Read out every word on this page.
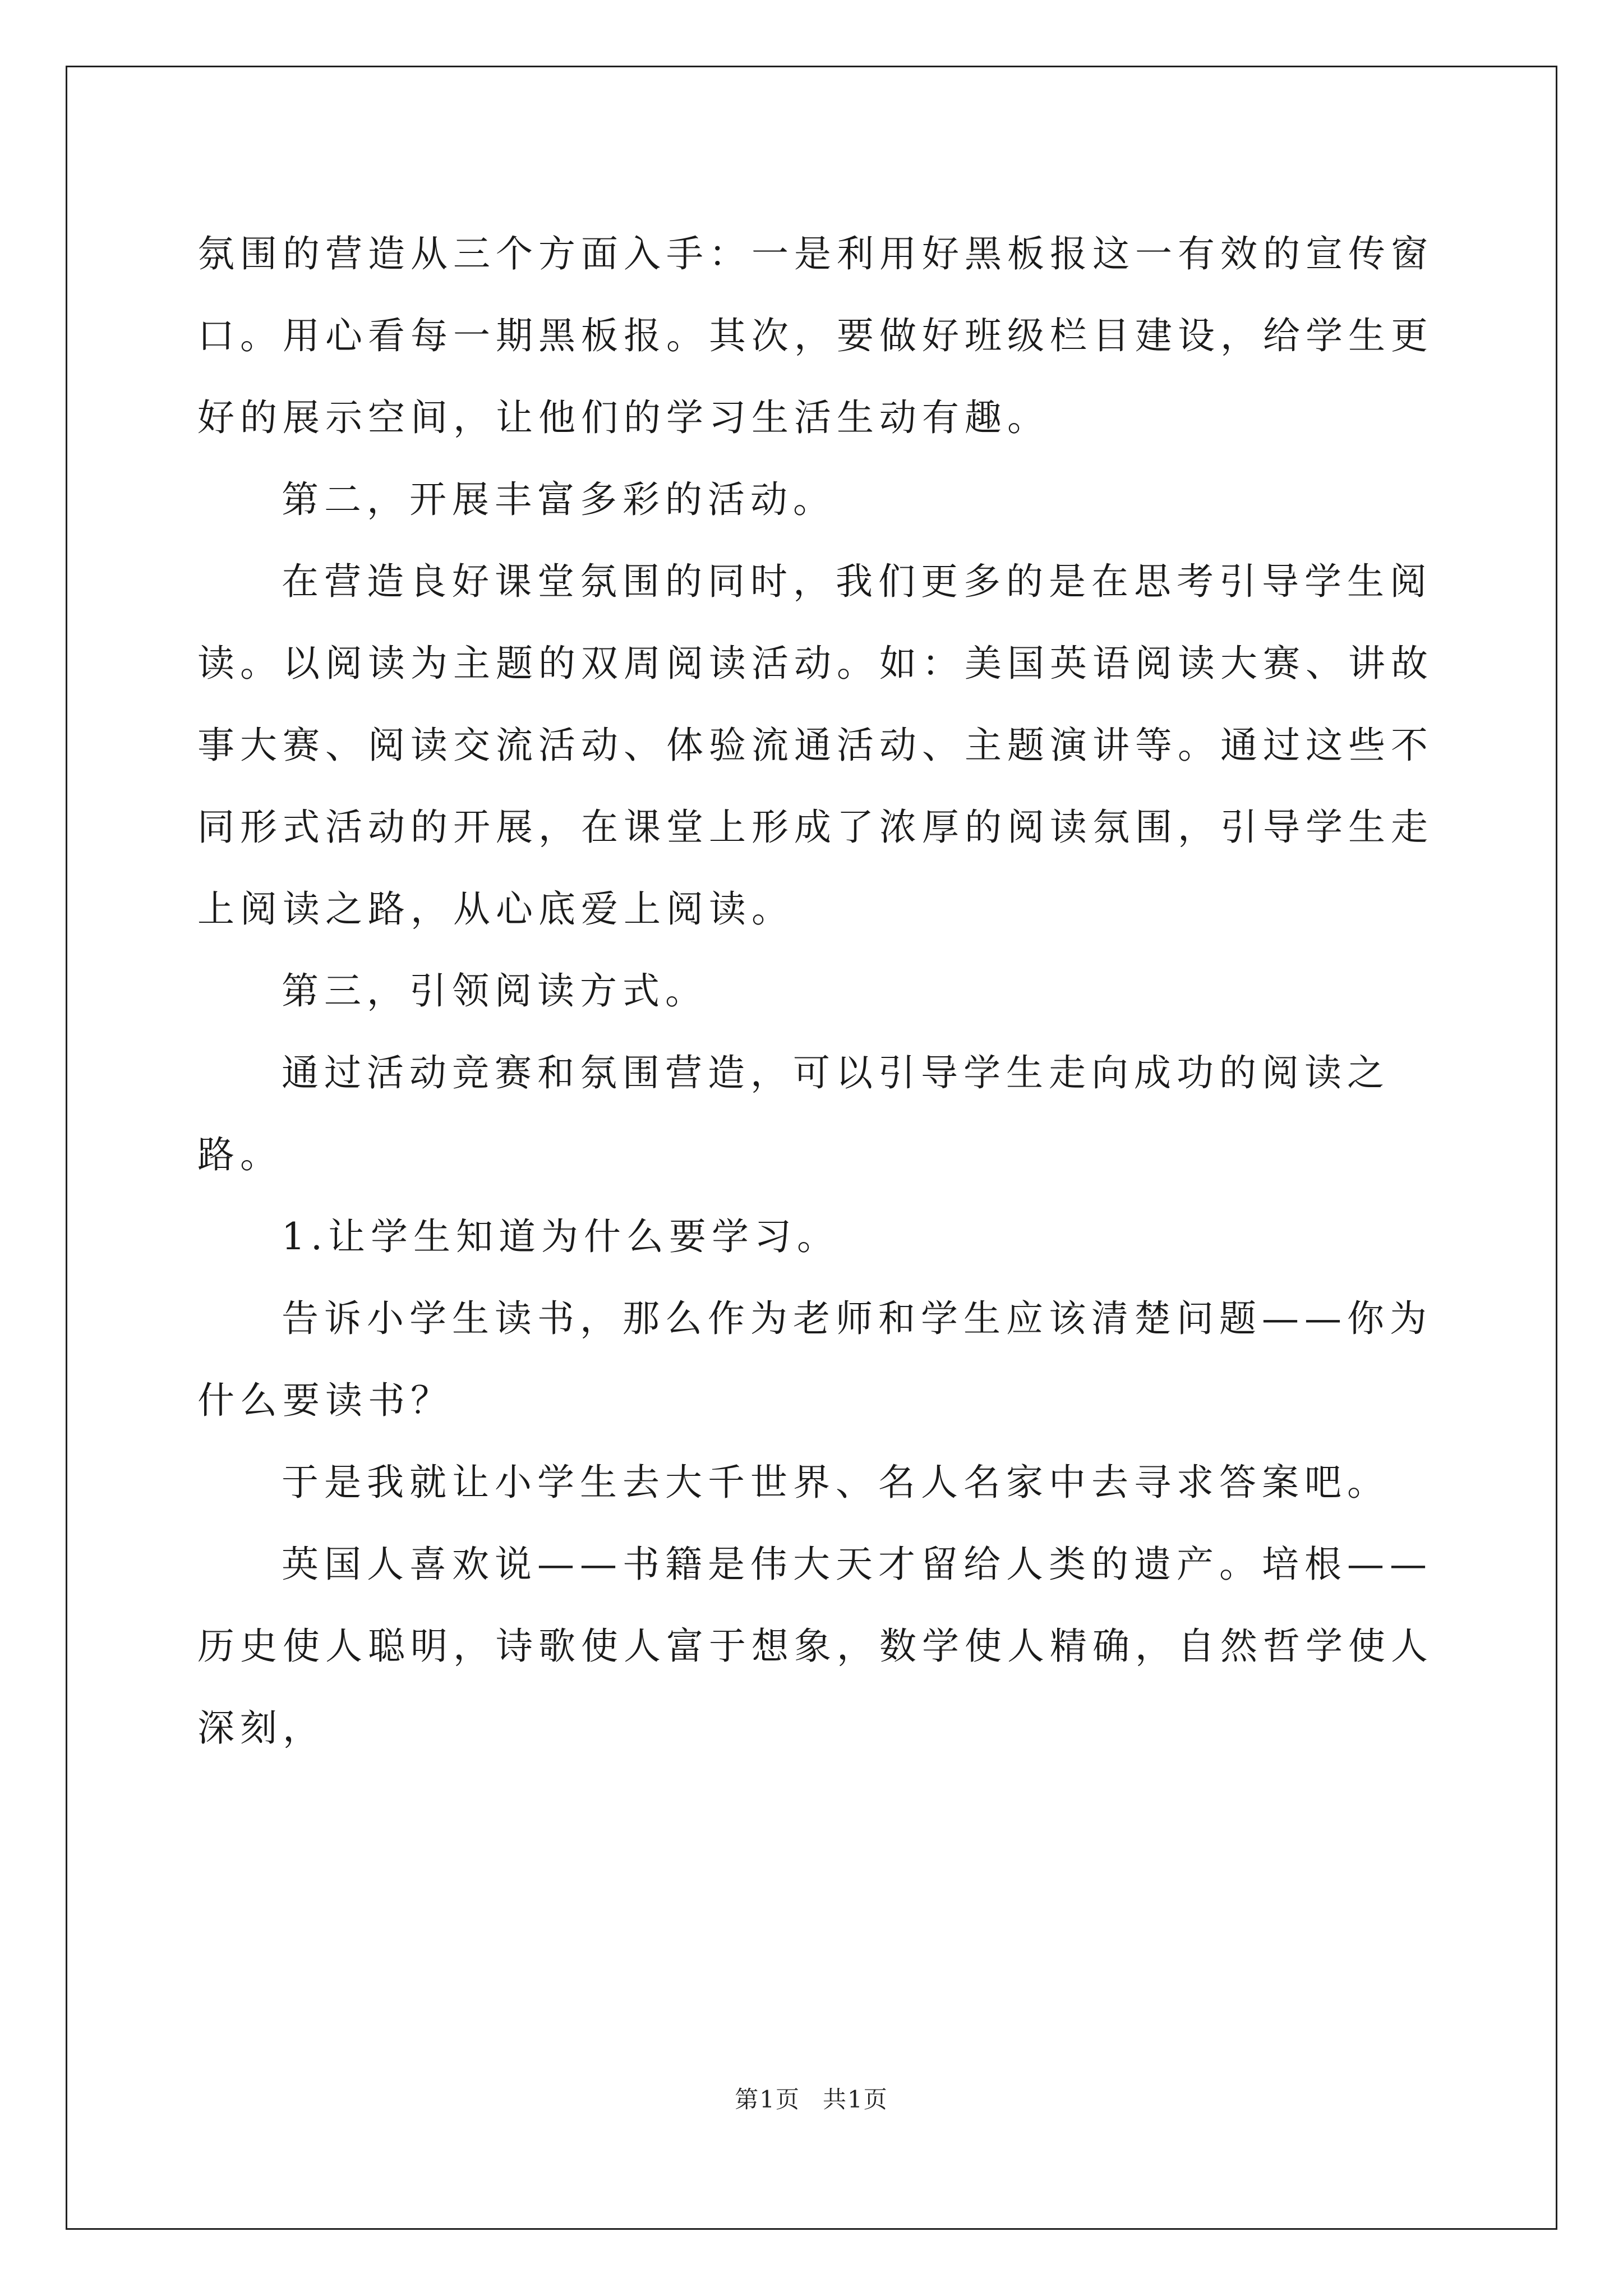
氛围的营造从三个方面入手：一是利用好黑板报这一有效的宣传窗口。用心看每一期黑板报。其次，要做好班级栏目建设，给学生更好的展示空间，让他们的学习生活生动有趣。

第二，开展丰富多彩的活动。

在营造良好课堂氛围的同时，我们更多的是在思考引导学生阅读。以阅读为主题的双周阅读活动。如：美国英语阅读大赛、讲故事大赛、阅读交流活动、体验流通活动、主题演讲等。通过这些不同形式活动的开展，在课堂上形成了浓厚的阅读氛围，引导学生走上阅读之路，从心底爱上阅读。

第三，引领阅读方式。

通过活动竞赛和氛围营造，可以引导学生走向成功的阅读之路。

1.让学生知道为什么要学习。

告诉小学生读书，那么作为老师和学生应该清楚问题——你为什么要读书？

于是我就让小学生去大千世界、名人名家中去寻求答案吧。

英国人喜欢说——书籍是伟大天才留给人类的遗产。培根——历史使人聪明，诗歌使人富于想象，数学使人精确，自然哲学使人深刻，

第1页 共1页
